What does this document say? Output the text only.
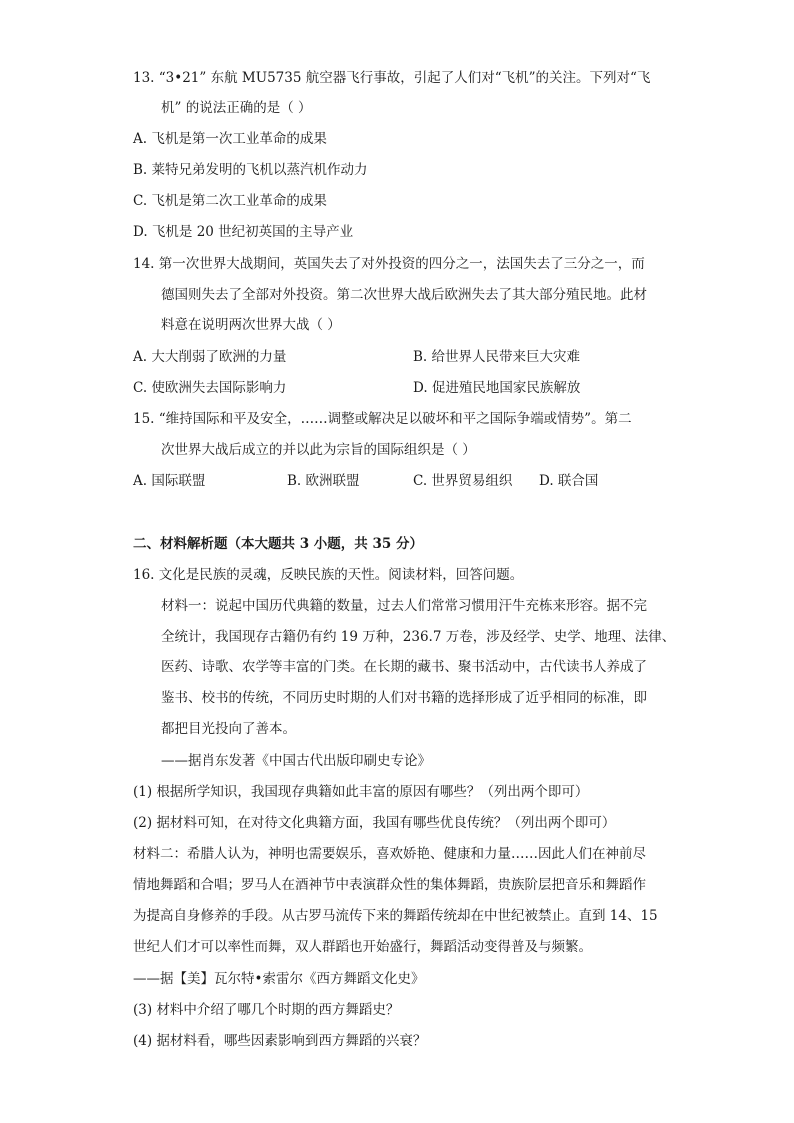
13. “3•21” 东航 MU5735 航空器飞行事故，引起了人们对“飞机”的关注。下列对“飞
机” 的说法正确的是（ ）
A. 飞机是第一次工业革命的成果
B. 莱特兄弟发明的飞机以蒸汽机作动力
C. 飞机是第二次工业革命的成果
D. 飞机是 20 世纪初英国的主导产业
14. 第一次世界大战期间，英国失去了对外投资的四分之一，法国失去了三分之一，而
德国则失去了全部对外投资。第二次世界大战后欧洲失去了其大部分殖民地。此材
料意在说明两次世界大战（ ）
A. 大大削弱了欧洲的力量	B. 给世界人民带来巨大灾难
C. 使欧洲失去国际影响力	D. 促进殖民地国家民族解放
15. “维持国际和平及安全，……调整或解决足以破坏和平之国际争端或情势”。第二
次世界大战后成立的并以此为宗旨的国际组织是（ ）
A. 国际联盟	B. 欧洲联盟	C. 世界贸易组织 D. 联合国
二、材料解析题（本大题共 3 小题，共 35 分）
16. 文化是民族的灵魂，反映民族的天性。阅读材料，回答问题。
材料一：说起中国历代典籍的数量，过去人们常常习惯用汗牛充栋来形容。据不完
全统计，我国现存古籍仍有约 19 万种，236.7 万卷，涉及经学、史学、地理、法律、
医药、诗歌、农学等丰富的门类。在长期的藏书、聚书活动中，古代读书人养成了
鉴书、校书的传统，不同历史时期的人们对书籍的选择形成了近乎相同的标准，即
都把目光投向了善本。
——据肖东发著《中国古代出版印刷史专论》
(1) 根据所学知识，我国现存典籍如此丰富的原因有哪些？（列出两个即可）
(2) 据材料可知，在对待文化典籍方面，我国有哪些优良传统？（列出两个即可）
材料二：希腊人认为，神明也需要娱乐，喜欢娇艳、健康和力量……因此人们在神前尽
情地舞蹈和合唱；罗马人在酒神节中表演群众性的集体舞蹈，贵族阶层把音乐和舞蹈作
为提高自身修养的手段。从古罗马流传下来的舞蹈传统却在中世纪被禁止。直到 14、15
世纪人们才可以率性而舞，双人群蹈也开始盛行，舞蹈活动变得普及与频繁。
——据【美】瓦尔特•索雷尔《西方舞蹈文化史》
(3) 材料中介绍了哪几个时期的西方舞蹈史？
(4) 据材料看，哪些因素影响到西方舞蹈的兴衰？
